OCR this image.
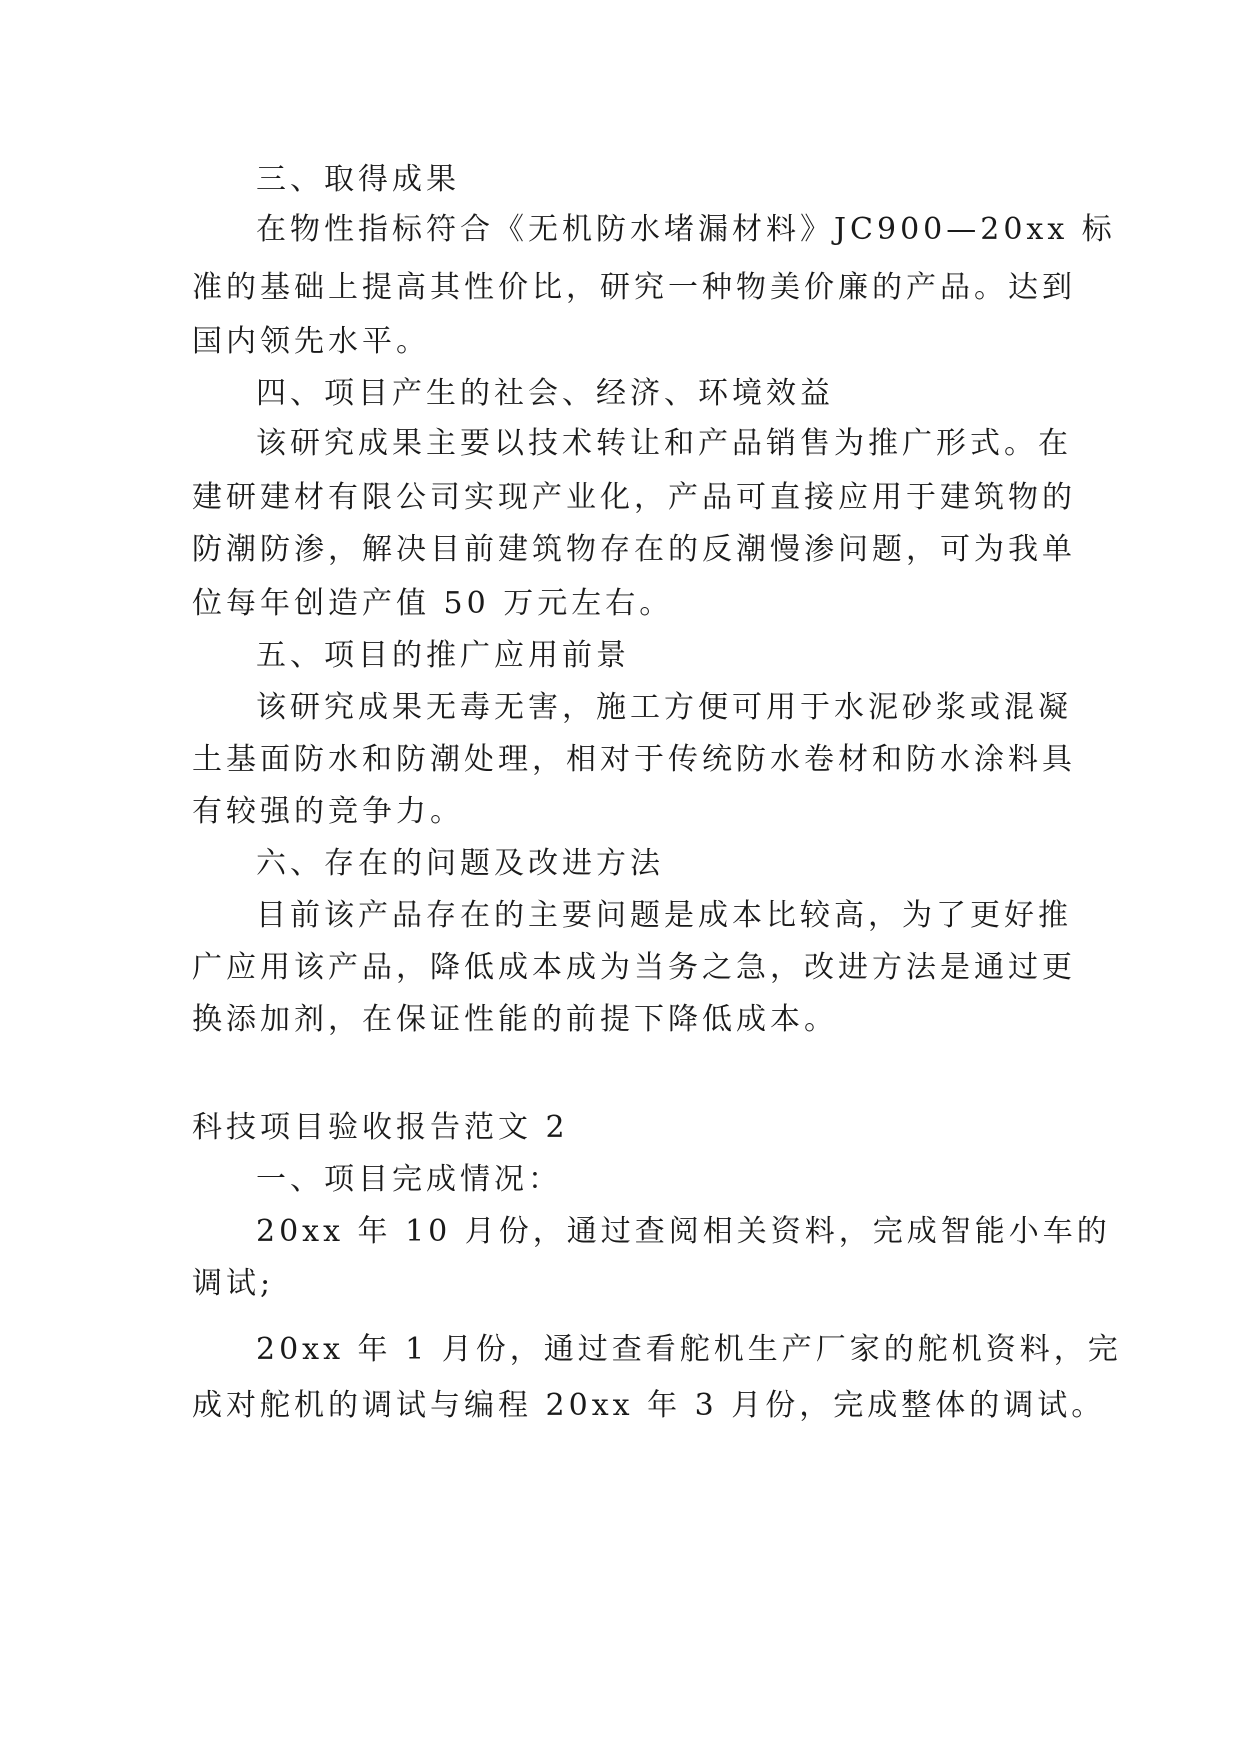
三、取得成果
在物性指标符合《无机防水堵漏材料》JC900—20xx 标
准的基础上提高其性价比，研究一种物美价廉的产品。达到
国内领先水平。
四、项目产生的社会、经济、环境效益
该研究成果主要以技术转让和产品销售为推广形式。在
建研建材有限公司实现产业化，产品可直接应用于建筑物的
防潮防渗，解决目前建筑物存在的反潮慢渗问题，可为我单
位每年创造产值 50 万元左右。
五、项目的推广应用前景
该研究成果无毒无害，施工方便可用于水泥砂浆或混凝
土基面防水和防潮处理，相对于传统防水卷材和防水涂料具
有较强的竞争力。
六、存在的问题及改进方法
目前该产品存在的主要问题是成本比较高，为了更好推
广应用该产品，降低成本成为当务之急，改进方法是通过更
换添加剂，在保证性能的前提下降低成本。
科技项目验收报告范文 2
一、项目完成情况：
20xx 年 10 月份，通过查阅相关资料，完成智能小车的
调试;
20xx 年 1 月份，通过查看舵机生产厂家的舵机资料，完
成对舵机的调试与编程 20xx 年 3 月份，完成整体的调试。
